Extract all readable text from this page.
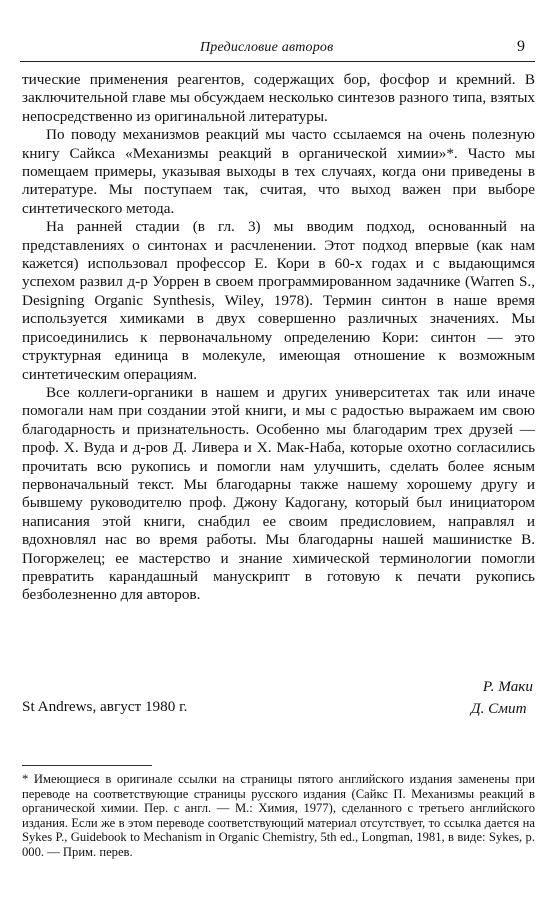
Предисловие авторов	9

тические применения реагентов, содержащих бор, фосфор и кремний. В заключительной главе мы обсуждаем несколько синтезов разного типа, взятых непосредственно из оригинальной литературы.

По поводу механизмов реакций мы часто ссылаемся на очень полезную книгу Сайкса «Механизмы реакций в органической химии»*. Часто мы помещаем примеры, указывая выходы в тех случаях, когда они приведены в литературе. Мы поступаем так, считая, что выход важен при выборе синтетического метода.

На ранней стадии (в гл. 3) мы вводим подход, основанный на представлениях о синтонах и расчленении. Этот подход впервые (как нам кажется) использовал профессор Е. Кори в 60-х годах и с выдающимся успехом развил д-р Уоррен в своем программированном задачнике (Warren S., Designing Organic Synthesis, Wiley, 1978). Термин синтон в наше время используется химиками в двух совершенно различных значениях. Мы присоединились к первоначальному определению Кори: синтон — это структурная единица в молекуле, имеющая отношение к возможным синтетическим операциям.

Все коллеги-органики в нашем и других университетах так или иначе помогали нам при создании этой книги, и мы с радостью выражаем им свою благодарность и признательность. Особенно мы благодарим трех друзей — проф. Х. Вуда и д-ров Д. Ливера и Х. Мак-Наба, которые охотно согласились прочитать всю рукопись и помогли нам улучшить, сделать более ясным первоначальный текст. Мы благодарны также нашему хорошему другу и бывшему руководителю проф. Джону Кадогану, который был инициатором написания этой книги, снабдил ее своим предисловием, направлял и вдохновлял нас во время работы. Мы благодарны нашей машинистке В. Погоржелец; ее мастерство и знание химической терминологии помогли превратить карандашный манускрипт в готовую к печати рукопись безболезненно для авторов.

Р. Маки
Д. Смит
St Andrews, август 1980 г.
* Имеющиеся в оригинале ссылки на страницы пятого английского издания заменены при переводе на соответствующие страницы русского издания (Сайкс П. Механизмы реакций в органической химии. Пер. с англ. — М.: Химия, 1977), сделанного с третьего английского издания. Если же в этом переводе соответствующий материал отсутствует, то ссылка дается на Sykes P., Guidebook to Mechanism in Organic Chemistry, 5th ed., Longman, 1981, в виде: Sykes, p. 000. — Прим. перев.
